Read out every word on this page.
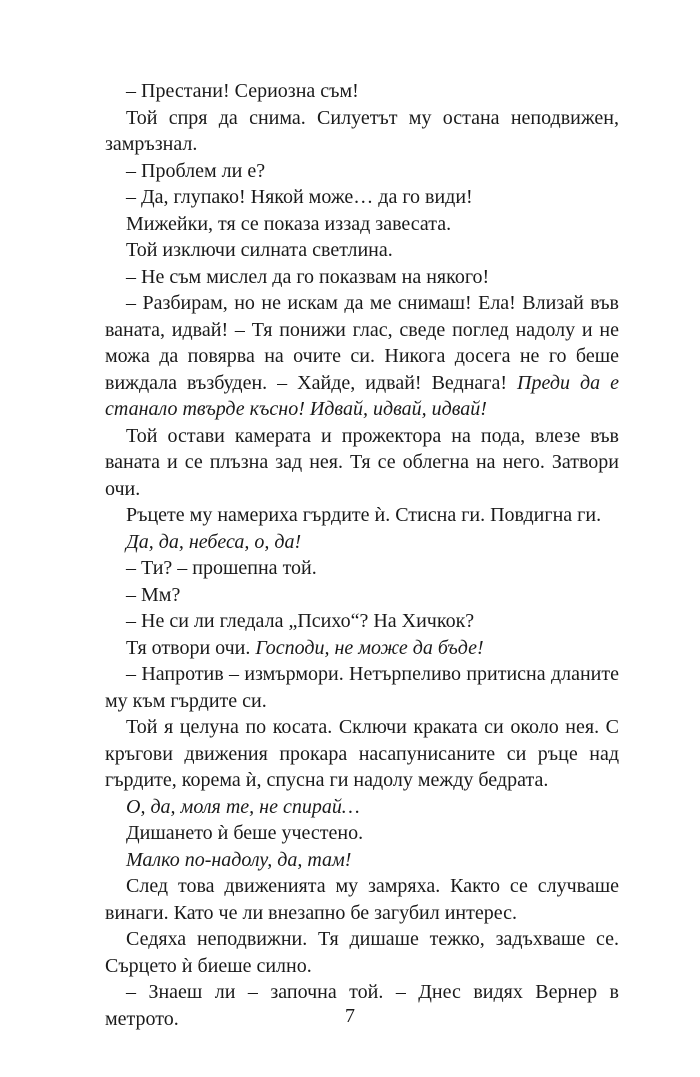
– Престани! Сериозна съм!

Той спря да снима. Силуетът му остана неподвижен, замръзнал.

– Проблем ли е?

– Да, глупако! Някой може… да го види!

Мижейки, тя се показа иззад завесата.

Той изключи силната светлина.

– Не съм мислел да го показвам на някого!

– Разбирам, но не искам да ме снимаш! Ела! Влизай във ваната, идвай! – Тя понижи глас, сведе поглед надолу и не можа да повярва на очите си. Никога досега не го беше виждала възбуден. – Хайде, идвай! Веднага! Преди да е станало твърде късно! Идвай, идвай, идвай!

Той остави камерата и прожектора на пода, влезе във ваната и се плъзна зад нея. Тя се облегна на него. Затвори очи.

Ръцете му намериха гърдите ѝ. Стисна ги. Повдигна ги.

Да, да, небеса, о, да!

– Ти? – прошепна той.

– Мм?

– Не си ли гледала „Психо“? На Хичкок?

Тя отвори очи. Господи, не може да бъде!

– Напротив – измърмори. Нетърпеливо притисна дланите му към гърдите си.

Той я целуна по косата. Сключи краката си около нея. С кръгови движения прокара насапунисаните си ръце над гърдите, корема ѝ, спусна ги надолу между бедрата.

О, да, моля те, не спирай…

Дишането ѝ беше учестено.

Малко по-надолу, да, там!

След това движенията му замряха. Както се случваше винаги. Като че ли внезапно бе загубил интерес.

Седяха неподвижни. Тя дишаше тежко, задъхваше се. Сърцето ѝ биеше силно.

– Знаеш ли – започна той. – Днес видях Вернер в метрото.	7
